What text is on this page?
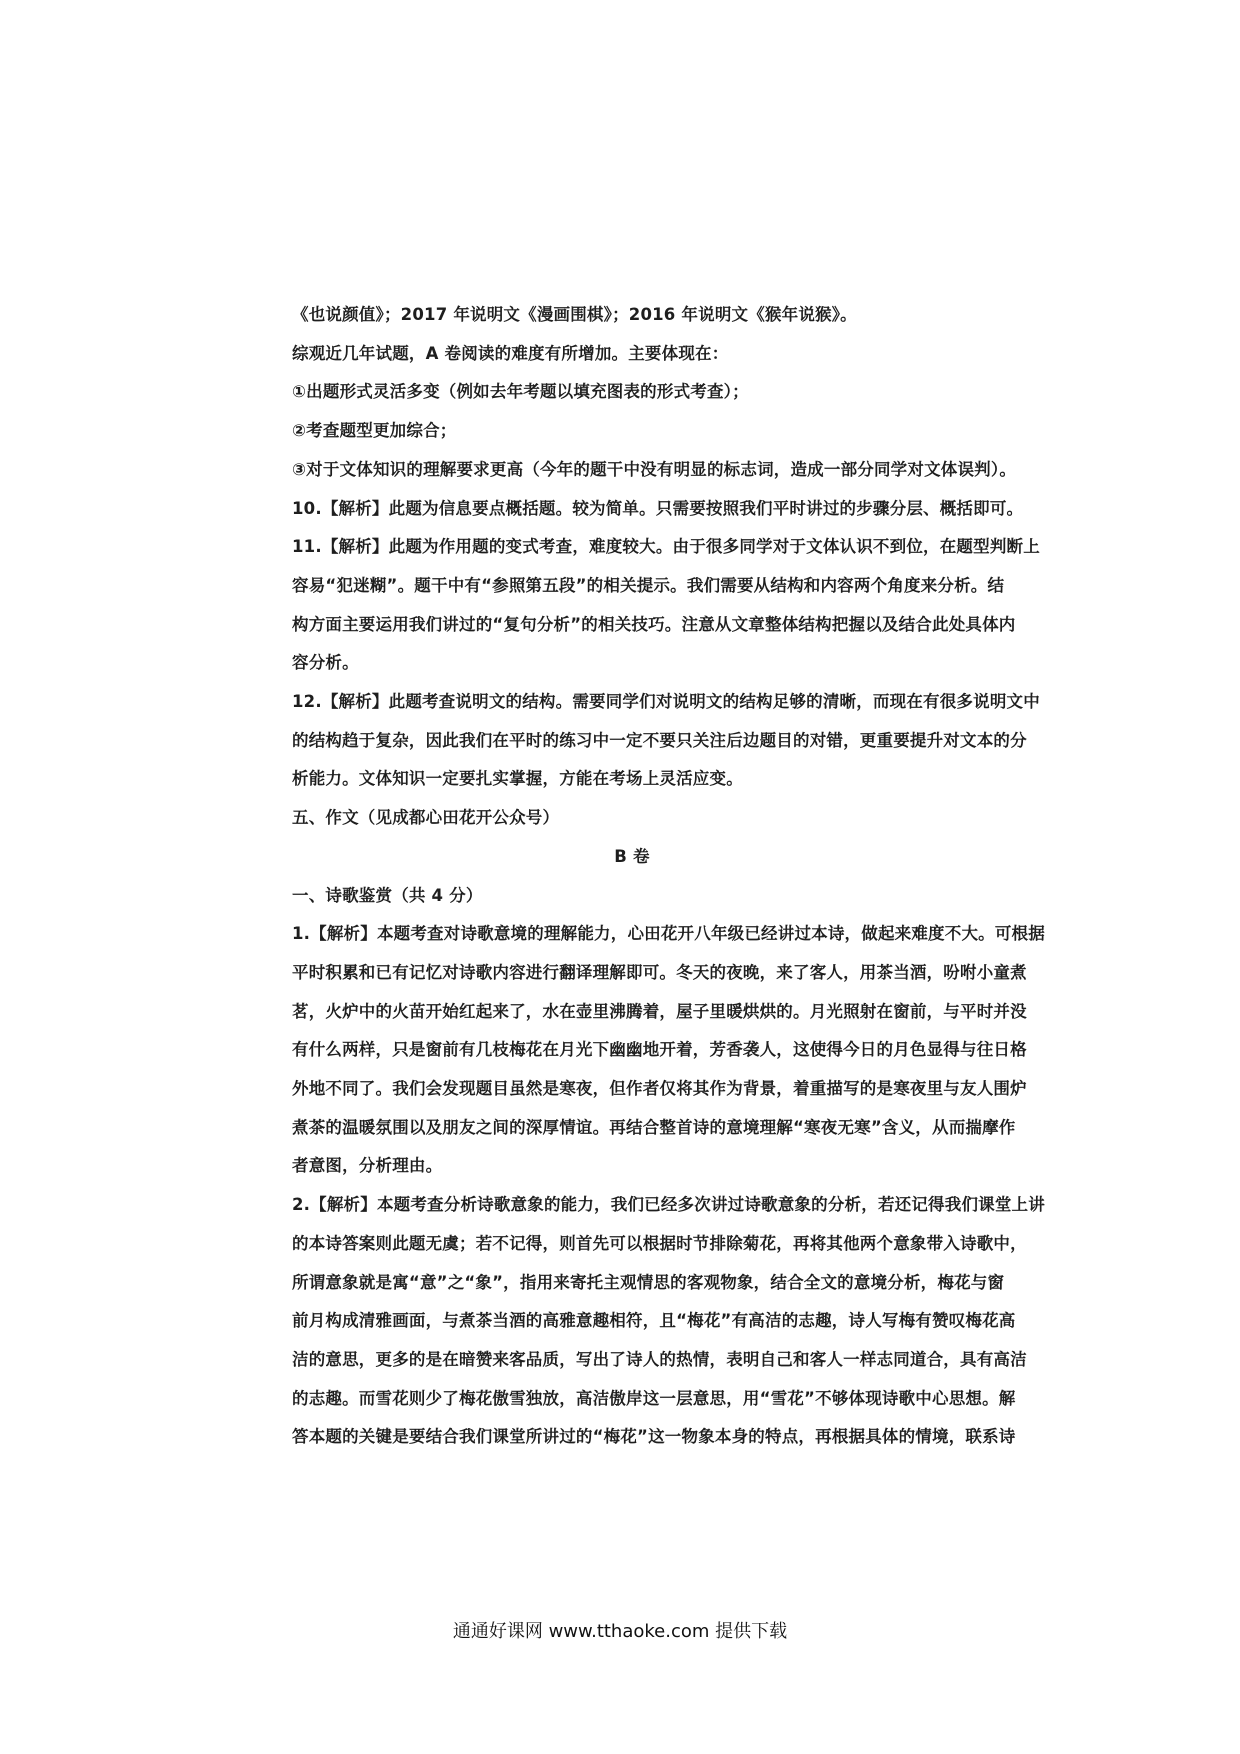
《也说颜值》；2017 年说明文《漫画围棋》；2016 年说明文《猴年说猴》。
综观近几年试题，A 卷阅读的难度有所增加。主要体现在：
①出题形式灵活多变（例如去年考题以填充图表的形式考查）；
②考查题型更加综合；
③对于文体知识的理解要求更高（今年的题干中没有明显的标志词，造成一部分同学对文体误判）。
10.【解析】此题为信息要点概括题。较为简单。只需要按照我们平时讲过的步骤分层、概括即可。
11.【解析】此题为作用题的变式考查，难度较大。由于很多同学对于文体认识不到位，在题型判断上
容易“犯迷糊”。题干中有“参照第五段”的相关提示。我们需要从结构和内容两个角度来分析。结
构方面主要运用我们讲过的“复句分析”的相关技巧。注意从文章整体结构把握以及结合此处具体内
容分析。
12.【解析】此题考查说明文的结构。需要同学们对说明文的结构足够的清晰，而现在有很多说明文中
的结构趋于复杂，因此我们在平时的练习中一定不要只关注后边题目的对错，更重要提升对文本的分
析能力。文体知识一定要扎实掌握，方能在考场上灵活应变。
五、作文（见成都心田花开公众号）
B 卷
一、诗歌鉴赏（共 4 分）
1.【解析】本题考查对诗歌意境的理解能力，心田花开八年级已经讲过本诗，做起来难度不大。可根据
平时积累和已有记忆对诗歌内容进行翻译理解即可。冬天的夜晚，来了客人，用茶当酒，吩咐小童煮
茗，火炉中的火苗开始红起来了，水在壶里沸腾着，屋子里暖烘烘的。月光照射在窗前，与平时并没
有什么两样，只是窗前有几枝梅花在月光下幽幽地开着，芳香袭人，这使得今日的月色显得与往日格
外地不同了。我们会发现题目虽然是寒夜，但作者仅将其作为背景，着重描写的是寒夜里与友人围炉
煮茶的温暖氛围以及朋友之间的深厚情谊。再结合整首诗的意境理解“寒夜无寒”含义，从而揣摩作
者意图，分析理由。
2.【解析】本题考查分析诗歌意象的能力，我们已经多次讲过诗歌意象的分析，若还记得我们课堂上讲
的本诗答案则此题无虞；若不记得，则首先可以根据时节排除菊花，再将其他两个意象带入诗歌中，
所谓意象就是寓“意”之“象”，指用来寄托主观情思的客观物象，结合全文的意境分析，梅花与窗
前月构成清雅画面，与煮茶当酒的高雅意趣相符，且“梅花”有高洁的志趣，诗人写梅有赞叹梅花高
洁的意思，更多的是在暗赞来客品质，写出了诗人的热情，表明自己和客人一样志同道合，具有高洁
的志趣。而雪花则少了梅花傲雪独放，高洁傲岸这一层意思，用“雪花”不够体现诗歌中心思想。解
答本题的关键是要结合我们课堂所讲过的“梅花”这一物象本身的特点，再根据具体的情境，联系诗
通通好课网 www.tthaoke.com 提供下载
